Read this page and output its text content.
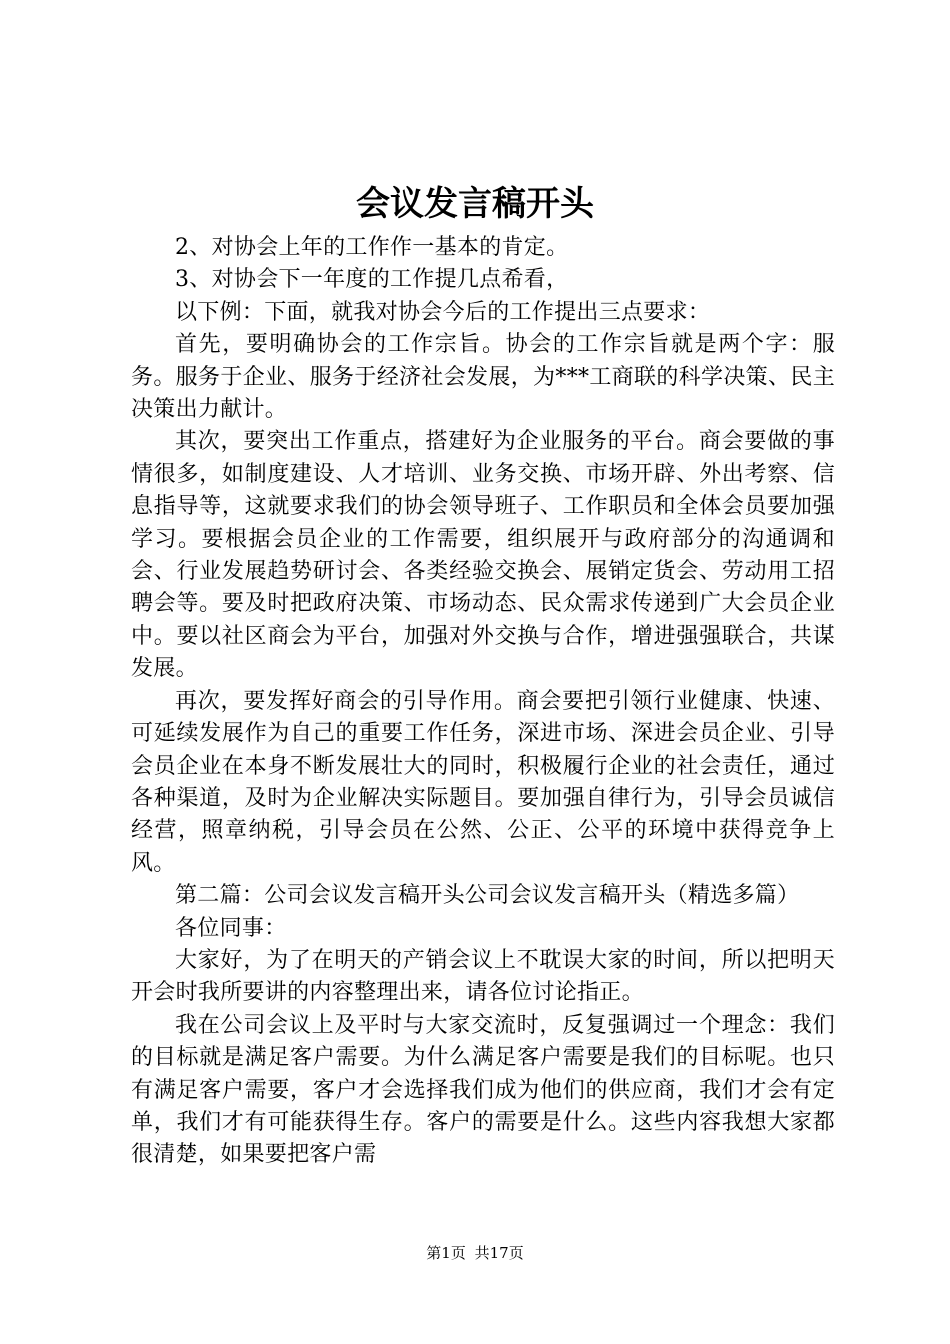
会议发言稿开头

2、对协会上年的工作作一基本的肯定。

3、对协会下一年度的工作提几点希看，

以下例：下面，就我对协会今后的工作提出三点要求：

首先，要明确协会的工作宗旨。协会的工作宗旨就是两个字：服务。服务于企业、服务于经济社会发展，为***工商联的科学决策、民主决策出力献计。

其次，要突出工作重点，搭建好为企业服务的平台。商会要做的事情很多，如制度建设、人才培训、业务交换、市场开辟、外出考察、信息指导等，这就要求我们的协会领导班子、工作职员和全体会员要加强学习。要根据会员企业的工作需要，组织展开与政府部分的沟通调和会、行业发展趋势研讨会、各类经验交换会、展销定货会、劳动用工招聘会等。要及时把政府决策、市场动态、民众需求传递到广大会员企业中。要以社区商会为平台，加强对外交换与合作，增进强强联合，共谋发展。

再次，要发挥好商会的引导作用。商会要把引领行业健康、快速、可延续发展作为自己的重要工作任务，深进市场、深进会员企业、引导会员企业在本身不断发展壮大的同时，积极履行企业的社会责任，通过各种渠道，及时为企业解决实际题目。要加强自律行为，引导会员诚信经营，照章纳税，引导会员在公然、公正、公平的环境中获得竞争上风。

第二篇：公司会议发言稿开头公司会议发言稿开头（精选多篇）

各位同事：

大家好，为了在明天的产销会议上不耽误大家的时间，所以把明天开会时我所要讲的内容整理出来，请各位讨论指正。

我在公司会议上及平时与大家交流时，反复强调过一个理念：我们的目标就是满足客户需要。为什么满足客户需要是我们的目标呢。也只有满足客户需要，客户才会选择我们成为他们的供应商，我们才会有定单，我们才有可能获得生存。客户的需要是什么。这些内容我想大家都很清楚，如果要把客户需

第1页 共17页
